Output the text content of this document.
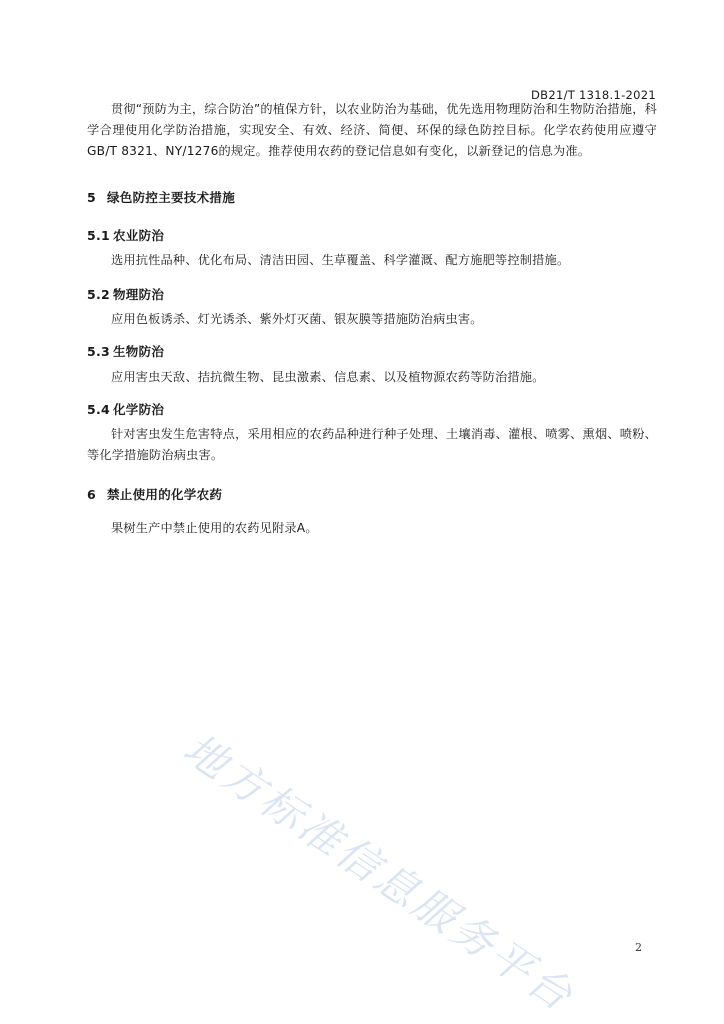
DB21/T 1318.1-2021
贯彻“预防为主，综合防治”的植保方针，以农业防治为基础，优先选用物理防治和生物防治措施，科学合理使用化学防治措施，实现安全、有效、经济、简便、环保的绿色防控目标。化学农药使用应遵守GB/T 8321、NY/1276的规定。推荐使用农药的登记信息如有变化，以新登记的信息为准。
5 绿色防控主要技术措施
5.1 农业防治
选用抗性品种、优化布局、清洁田园、生草覆盖、科学灌溉、配方施肥等控制措施。
5.2 物理防治
应用色板诱杀、灯光诱杀、紫外灯灭菌、银灰膜等措施防治病虫害。
5.3 生物防治
应用害虫天敌、拮抗微生物、昆虫激素、信息素、以及植物源农药等防治措施。
5.4 化学防治
针对害虫发生危害特点，采用相应的农药品种进行种子处理、土壤消毒、灌根、喷雾、熏烟、喷粉、等化学措施防治病虫害。
6 禁止使用的化学农药
果树生产中禁止使用的农药见附录A。
地方标准信息服务平台	2
